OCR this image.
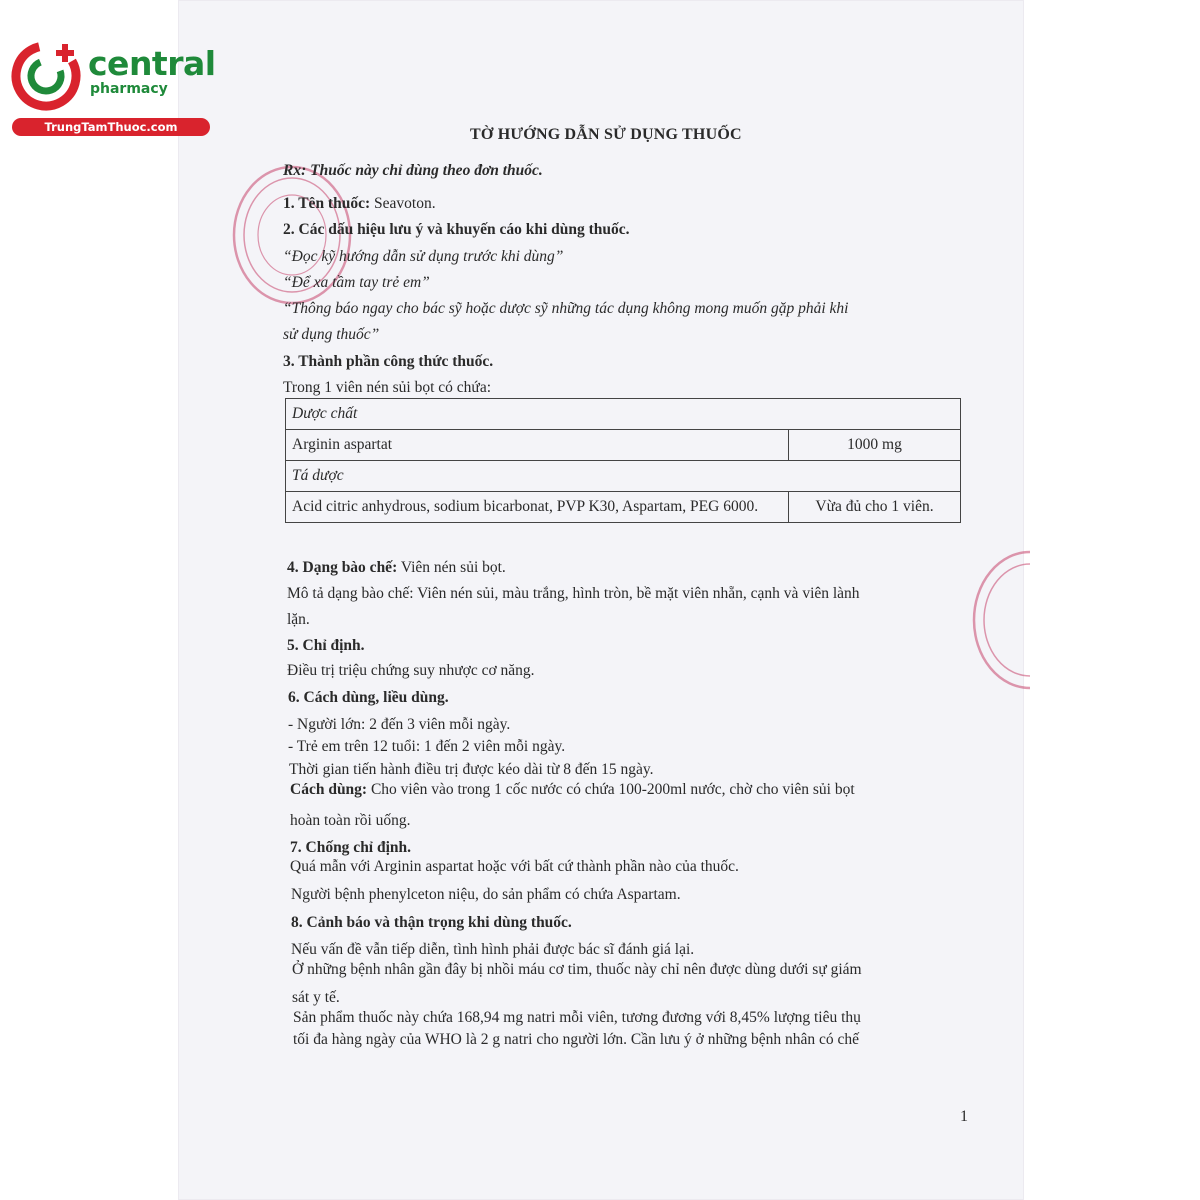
central
pharmacy
TrungTamThuoc.com	TỜ HƯỚNG DẪN SỬ DỤNG THUỐC
Rx: Thuốc này chỉ dùng theo đơn thuốc.
1. Tên thuốc: Seavoton.
2. Các dấu hiệu lưu ý và khuyến cáo khi dùng thuốc.
“Đọc kỹ hướng dẫn sử dụng trước khi dùng”
“Để xa tầm tay trẻ em”
“Thông báo ngay cho bác sỹ hoặc dược sỹ những tác dụng không mong muốn gặp phải khi
sử dụng thuốc”
3. Thành phần công thức thuốc.
Trong 1 viên nén sủi bọt có chứa:
Dược chất	
Arginin aspartat	1000 mg
Tá dược	
Acid citric anhydrous, sodium bicarbonat, PVP K30, Aspartam, PEG 6000.	Vừa đủ cho 1 viên.
4. Dạng bào chế: Viên nén sủi bọt.
Mô tả dạng bào chế: Viên nén sủi, màu trắng, hình tròn, bề mặt viên nhẵn, cạnh và viên lành
lặn.
5. Chỉ định.
Điều trị triệu chứng suy nhược cơ năng.
6. Cách dùng, liều dùng.
- Người lớn: 2 đến 3 viên mỗi ngày.
- Trẻ em trên 12 tuổi: 1 đến 2 viên mỗi ngày.
Thời gian tiến hành điều trị được kéo dài từ 8 đến 15 ngày.
Cách dùng: Cho viên vào trong 1 cốc nước có chứa 100-200ml nước, chờ cho viên sủi bọt
hoàn toàn rồi uống.
7. Chống chỉ định.
Quá mẫn với Arginin aspartat hoặc với bất cứ thành phần nào của thuốc.
Người bệnh phenylceton niệu, do sản phẩm có chứa Aspartam.
8. Cảnh báo và thận trọng khi dùng thuốc.
Nếu vấn đề vẫn tiếp diễn, tình hình phải được bác sĩ đánh giá lại.
Ở những bệnh nhân gần đây bị nhồi máu cơ tim, thuốc này chỉ nên được dùng dưới sự giám
sát y tế.
Sản phẩm thuốc này chứa 168,94 mg natri mỗi viên, tương đương với 8,45% lượng tiêu thụ
tối đa hàng ngày của WHO là 2 g natri cho người lớn. Cần lưu ý ở những bệnh nhân có chế
1
